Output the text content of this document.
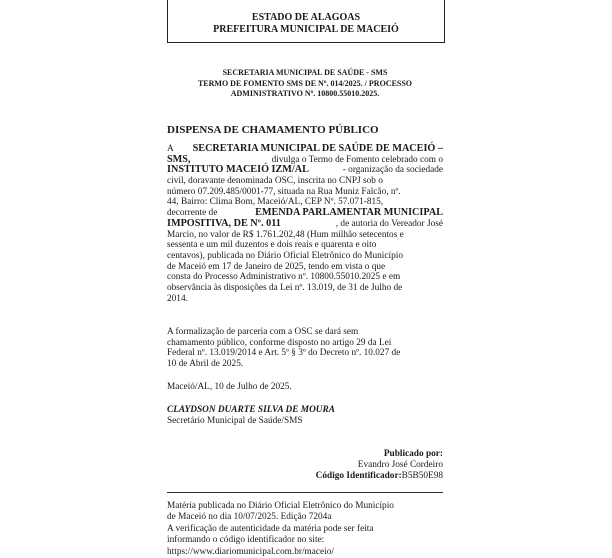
ESTADO DE ALAGOAS
PREFEITURA MUNICIPAL DE MACEIÓ
SECRETARIA MUNICIPAL DE SAÚDE - SMS
TERMO DE FOMENTO SMS DE Nº. 014/2025. / PROCESSO
ADMINISTRATIVO Nº. 10800.55010.2025.
DISPENSA DE CHAMAMENTO PÚBLICO
A SECRETARIA MUNICIPAL DE SAÚDE DE MACEIÓ –
SMS,	divulga o Termo de Fomento celebrado com o
INSTITUTO MACEIÓ IZM/AL	- organização da sociedade
civil, doravante denominada OSC, inscrita no CNPJ sob o
número 07.209.485/0001-77, situada na Rua Muniz Falcão, nº.
44, Bairro: Clima Bom, Maceió/AL, CEP Nº. 57.071-815,
decorrente de	EMENDA PARLAMENTAR MUNICIPAL
IMPOSITIVA, DE Nº. 011	, de autoria do Vereador José
Marcio, no valor de R$ 1.761.202,48 (Hum milhão setecentos e
sessenta e um mil duzentos e dois reais e quarenta e oito
centavos), publicada no Diário Oficial Eletrônico do Município
de Maceió em 17 de Janeiro de 2025, tendo em vista o que
consta do Processo Administrativo nº. 10800.55010.2025 e em
observância às disposições da Lei nº. 13.019, de 31 de Julho de
2014.
A formalização de parceria com a OSC se dará sem
chamamento público, conforme disposto no artigo 29 da Lei
Federal nº. 13.019/2014 e Art. 5º § 3º do Decreto nº. 10.027 de
10 de Abril de 2025.
Maceió/AL, 10 de Julho de 2025.
CLAYDSON DUARTE SILVA DE MOURA
Secretário Municipal de Saúde/SMS
Publicado por:
Evandro José Cordeiro
Código Identificador:B5B50E98
Matéria publicada no Diário Oficial Eletrônico do Município
de Maceió no dia 10/07/2025. Edição 7204a
A verificação de autenticidade da matéria pode ser feita
informando o código identificador no site:
https://www.diariomunicipal.com.br/maceio/
